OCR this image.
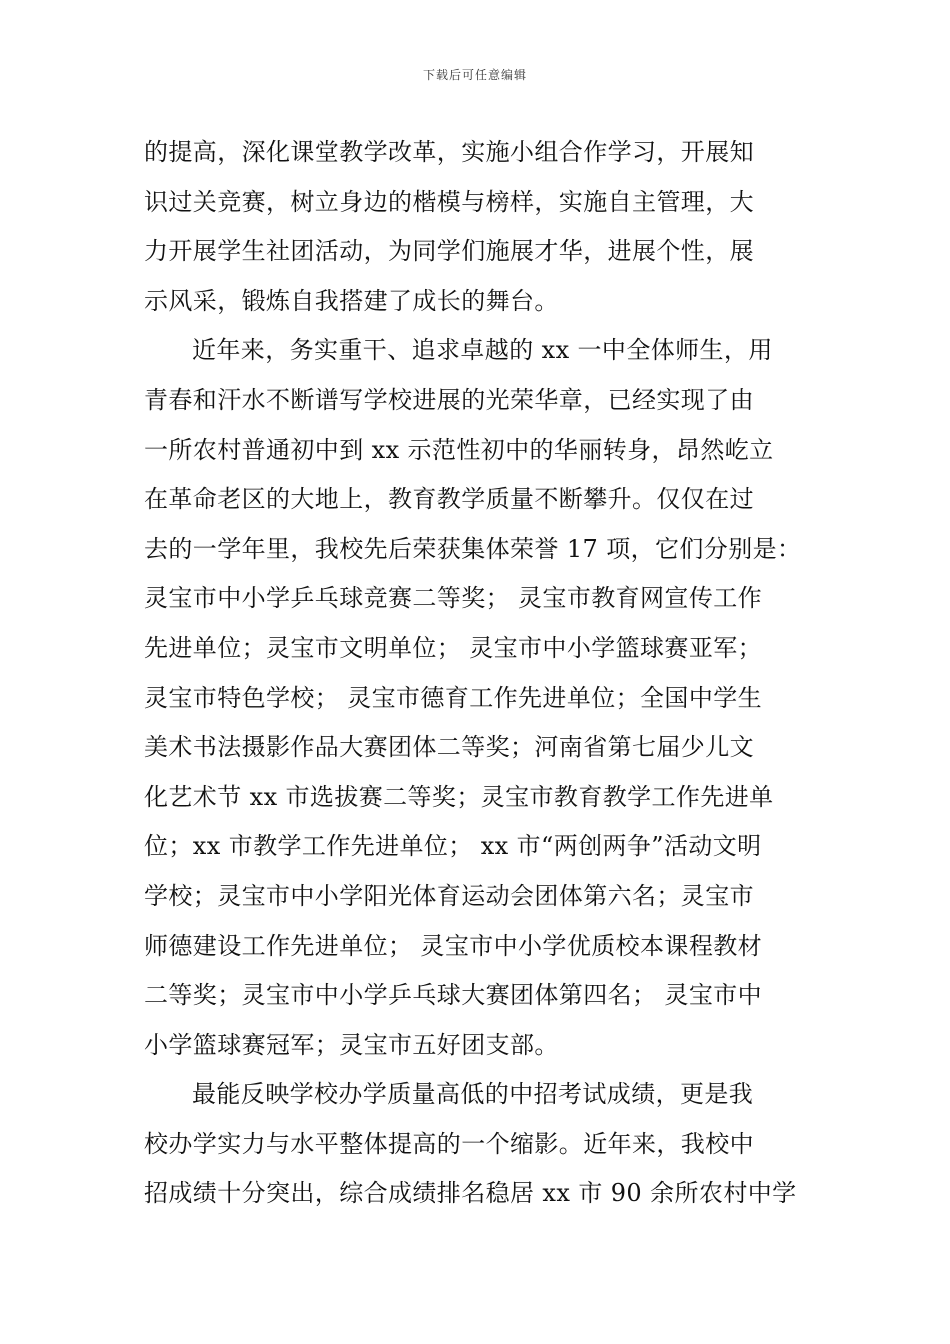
下载后可任意编辑
的提高，深化课堂教学改革，实施小组合作学习，开展知
识过关竞赛，树立身边的楷模与榜样，实施自主管理，大
力开展学生社团活动，为同学们施展才华，进展个性，展
示风采，锻炼自我搭建了成长的舞台。
近年来，务实重干、追求卓越的 xx 一中全体师生，用
青春和汗水不断谱写学校进展的光荣华章，已经实现了由
一所农村普通初中到 xx 示范性初中的华丽转身，昂然屹立
在革命老区的大地上，教育教学质量不断攀升。仅仅在过
去的一学年里，我校先后荣获集体荣誉 17 项，它们分别是：
灵宝市中小学乒乓球竞赛二等奖； 灵宝市教育网宣传工作
先进单位；灵宝市文明单位； 灵宝市中小学篮球赛亚军；
灵宝市特色学校； 灵宝市德育工作先进单位；全国中学生
美术书法摄影作品大赛团体二等奖；河南省第七届少儿文
化艺术节 xx 市选拔赛二等奖；灵宝市教育教学工作先进单
位；xx 市教学工作先进单位； xx 市“两创两争”活动文明
学校；灵宝市中小学阳光体育运动会团体第六名；灵宝市
师德建设工作先进单位； 灵宝市中小学优质校本课程教材
二等奖；灵宝市中小学乒乓球大赛团体第四名； 灵宝市中
小学篮球赛冠军；灵宝市五好团支部。
最能反映学校办学质量高低的中招考试成绩，更是我
校办学实力与水平整体提高的一个缩影。近年来，我校中
招成绩十分突出，综合成绩排名稳居 xx 市 90 余所农村中学
